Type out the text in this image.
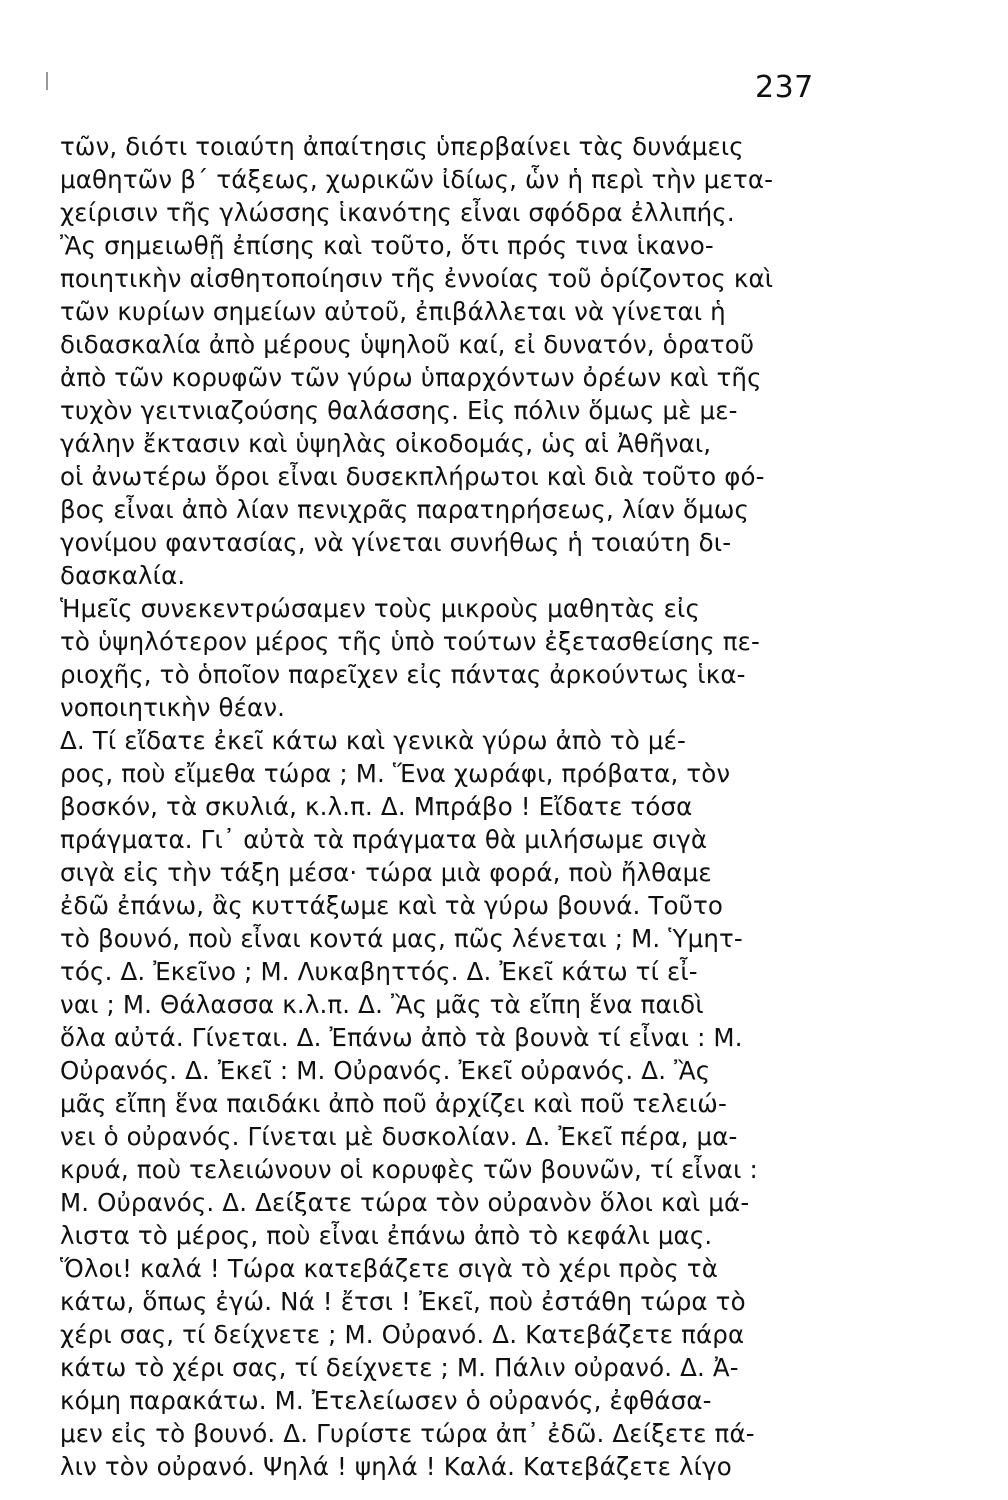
237
τῶν, διότι τοιαύτη ἀπαίτησις ὑπερβαίνει τὰς δυνάμεις
μαθητῶν β΄ τάξεως, χωρικῶν ἰδίως, ὧν ἡ περὶ τὴν μετα-
χείρισιν τῆς γλώσσης ἱκανότης εἶναι σφόδρα ἐλλιπής.
Ἂς σημειωθῇ ἐπίσης καὶ τοῦτο, ὅτι πρός τινα ἱκανο-
ποιητικὴν αἰσθητοποίησιν τῆς ἐννοίας τοῦ ὁρίζοντος καὶ
τῶν κυρίων σημείων αὐτοῦ, ἐπιβάλλεται νὰ γίνεται ἡ
διδασκαλία ἀπὸ μέρους ὑψηλοῦ καί, εἰ δυνατόν, ὁρατοῦ
ἀπὸ τῶν κορυφῶν τῶν γύρω ὑπαρχόντων ὀρέων καὶ τῆς
τυχὸν γειτνιαζούσης θαλάσσης. Εἰς πόλιν ὅμως μὲ με-
γάλην ἔκτασιν καὶ ὑψηλὰς οἰκοδομάς, ὡς αἱ Ἀθῆναι,
οἱ ἀνωτέρω ὅροι εἶναι δυσεκπλήρωτοι καὶ διὰ τοῦτο φό-
βος εἶναι ἀπὸ λίαν πενιχρᾶς παρατηρήσεως, λίαν ὅμως
γονίμου φαντασίας, νὰ γίνεται συνήθως ἡ τοιαύτη δι-
δασκαλία.
Ἡμεῖς συνεκεντρώσαμεν τοὺς μικροὺς μαθητὰς εἰς
τὸ ὑψηλότερον μέρος τῆς ὑπὸ τούτων ἐξετασθείσης πε-
ριοχῆς, τὸ ὁποῖον παρεῖχεν εἰς πάντας ἀρκούντως ἱκα-
νοποιητικὴν θέαν.
Δ. Τί εἴδατε ἐκεῖ κάτω καὶ γενικὰ γύρω ἀπὸ τὸ μέ-
ρος, ποὺ εἴμεθα τώρα ; Μ. Ἕνα χωράφι, πρόβατα, τὸν
βοσκόν, τὰ σκυλιά, κ.λ.π. Δ. Μπράβο ! Εἴδατε τόσα
πράγματα. Γι᾽ αὐτὰ τὰ πράγματα θὰ μιλήσωμε σιγὰ
σιγὰ εἰς τὴν τάξη μέσα· τώρα μιὰ φορά, ποὺ ἤλθαμε
ἐδῶ ἐπάνω, ἂς κυττάξωμε καὶ τὰ γύρω βουνά. Τοῦτο
τὸ βουνό, ποὺ εἶναι κοντά μας, πῶς λένεται ; Μ. Ὑμητ-
τός. Δ. Ἐκεῖνο ; Μ. Λυκαβηττός. Δ. Ἐκεῖ κάτω τί εἶ-
ναι ; Μ. Θάλασσα κ.λ.π. Δ. Ἂς μᾶς τὰ εἴπη ἕνα παιδὶ
ὅλα αὐτά. Γίνεται. Δ. Ἐπάνω ἀπὸ τὰ βουνὰ τί εἶναι : Μ.
Οὐρανός. Δ. Ἐκεῖ : Μ. Οὐρανός. Ἐκεῖ οὐρανός. Δ. Ἂς
μᾶς εἴπη ἕνα παιδάκι ἀπὸ ποῦ ἀρχίζει καὶ ποῦ τελειώ-
νει ὁ οὐρανός. Γίνεται μὲ δυσκολίαν. Δ. Ἐκεῖ πέρα, μα-
κρυά, ποὺ τελειώνουν οἱ κορυφὲς τῶν βουνῶν, τί εἶναι :
Μ. Οὐρανός. Δ. Δείξατε τώρα τὸν οὐρανὸν ὅλοι καὶ μά-
λιστα τὸ μέρος, ποὺ εἶναι ἐπάνω ἀπὸ τὸ κεφάλι μας.
Ὅλοι! καλά ! Τώρα κατεβάζετε σιγὰ τὸ χέρι πρὸς τὰ
κάτω, ὅπως ἐγώ. Νά ! ἔτσι ! Ἐκεῖ, ποὺ ἐστάθη τώρα τὸ
χέρι σας, τί δείχνετε ; Μ. Οὐρανό. Δ. Κατεβάζετε πάρα
κάτω τὸ χέρι σας, τί δείχνετε ; Μ. Πάλιν οὐρανό. Δ. Ἀ-
κόμη παρακάτω. Μ. Ἐτελείωσεν ὁ οὐρανός, ἐφθάσα-
μεν εἰς τὸ βουνό. Δ. Γυρίστε τώρα ἀπ᾽ ἐδῶ. Δείξετε πά-
λιν τὸν οὐρανό. Ψηλά ! ψηλά ! Καλά. Κατεβάζετε λίγο
